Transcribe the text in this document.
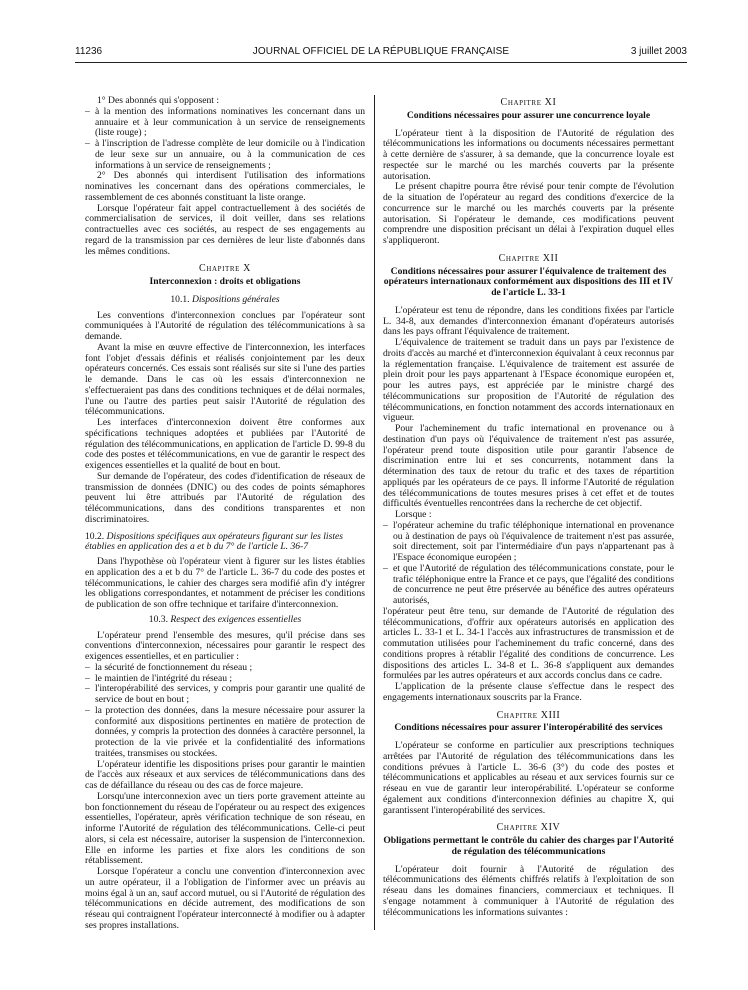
11236	JOURNAL OFFICIEL DE LA RÉPUBLIQUE FRANÇAISE	3 juillet 2003

1° Des abonnés qui s'opposent :

– à la mention des informations nominatives les concernant dans un annuaire et à leur communication à un service de renseignements (liste rouge) ;

– à l'inscription de l'adresse complète de leur domicile ou à l'indication de leur sexe sur un annuaire, ou à la communication de ces informations à un service de renseignements ;

2° Des abonnés qui interdisent l'utilisation des informations nominatives les concernant dans des opérations commerciales, le rassemblement de ces abonnés constituant la liste orange.

Lorsque l'opérateur fait appel contractuellement à des sociétés de commercialisation de services, il doit veiller, dans ses relations contractuelles avec ces sociétés, au respect de ses engagements au regard de la transmission par ces dernières de leur liste d'abonnés dans les mêmes conditions.

Chapitre X
Interconnexion : droits et obligations
10.1. Dispositions générales

Les conventions d'interconnexion conclues par l'opérateur sont communiquées à l'Autorité de régulation des télécommunications à sa demande.

Avant la mise en œuvre effective de l'interconnexion, les interfaces font l'objet d'essais définis et réalisés conjointement par les deux opérateurs concernés. Ces essais sont réalisés sur site si l'une des parties le demande. Dans le cas où les essais d'interconnexion ne s'effectueraient pas dans des conditions techniques et de délai normales, l'une ou l'autre des parties peut saisir l'Autorité de régulation des télécommunications.

Les interfaces d'interconnexion doivent être conformes aux spécifications techniques adoptées et publiées par l'Autorité de régulation des télécommunications, en application de l'article D. 99-8 du code des postes et télécommunications, en vue de garantir le respect des exigences essentielles et la qualité de bout en bout.

Sur demande de l'opérateur, des codes d'identification de réseaux de transmission de données (DNIC) ou des codes de points sémaphores peuvent lui être attribués par l'Autorité de régulation des télécommunications, dans des conditions transparentes et non discriminatoires.

10.2. Dispositions spécifiques aux opérateurs figurant sur les listes établies en application des a et b du 7° de l'article L. 36-7

Dans l'hypothèse où l'opérateur vient à figurer sur les listes établies en application des a et b du 7° de l'article L. 36-7 du code des postes et télécommunications, le cahier des charges sera modifié afin d'y intégrer les obligations correspondantes, et notamment de préciser les conditions de publication de son offre technique et tarifaire d'interconnexion.

10.3. Respect des exigences essentielles

L'opérateur prend l'ensemble des mesures, qu'il précise dans ses conventions d'interconnexion, nécessaires pour garantir le respect des exigences essentielles, et en particulier :

– la sécurité de fonctionnement du réseau ;

– le maintien de l'intégrité du réseau ;

– l'interopérabilité des services, y compris pour garantir une qualité de service de bout en bout ;

– la protection des données, dans la mesure nécessaire pour assurer la conformité aux dispositions pertinentes en matière de protection de données, y compris la protection des données à caractère personnel, la protection de la vie privée et la confidentialité des informations traitées, transmises ou stockées.

L'opérateur identifie les dispositions prises pour garantir le maintien de l'accès aux réseaux et aux services de télécommunications dans des cas de défaillance du réseau ou des cas de force majeure.

Lorsqu'une interconnexion avec un tiers porte gravement atteinte au bon fonctionnement du réseau de l'opérateur ou au respect des exigences essentielles, l'opérateur, après vérification technique de son réseau, en informe l'Autorité de régulation des télécommunications. Celle-ci peut alors, si cela est nécessaire, autoriser la suspension de l'interconnexion. Elle en informe les parties et fixe alors les conditions de son rétablissement.

Lorsque l'opérateur a conclu une convention d'interconnexion avec un autre opérateur, il a l'obligation de l'informer avec un préavis au moins égal à un an, sauf accord mutuel, ou si l'Autorité de régulation des télécommunications en décide autrement, des modifications de son réseau qui contraignent l'opérateur interconnecté à modifier ou à adapter ses propres installations.

Chapitre XI
Conditions nécessaires pour assurer une concurrence loyale

L'opérateur tient à la disposition de l'Autorité de régulation des télécommunications les informations ou documents nécessaires permettant à cette dernière de s'assurer, à sa demande, que la concurrence loyale est respectée sur le marché ou les marchés couverts par la présente autorisation.

Le présent chapitre pourra être révisé pour tenir compte de l'évolution de la situation de l'opérateur au regard des conditions d'exercice de la concurrence sur le marché ou les marchés couverts par la présente autorisation. Si l'opérateur le demande, ces modifications peuvent comprendre une disposition précisant un délai à l'expiration duquel elles s'appliqueront.

Chapitre XII
Conditions nécessaires pour assurer l'équivalence de traitement des opérateurs internationaux conformément aux dispositions des III et IV de l'article L. 33-1

L'opérateur est tenu de répondre, dans les conditions fixées par l'article L. 34-8, aux demandes d'interconnexion émanant d'opérateurs autorisés dans les pays offrant l'équivalence de traitement.

L'équivalence de traitement se traduit dans un pays par l'existence de droits d'accès au marché et d'interconnexion équivalant à ceux reconnus par la réglementation française. L'équivalence de traitement est assurée de plein droit pour les pays appartenant à l'Espace économique européen et, pour les autres pays, est appréciée par le ministre chargé des télécommunications sur proposition de l'Autorité de régulation des télécommunications, en fonction notamment des accords internationaux en vigueur.

Pour l'acheminement du trafic international en provenance ou à destination d'un pays où l'équivalence de traitement n'est pas assurée, l'opérateur prend toute disposition utile pour garantir l'absence de discrimination entre lui et ses concurrents, notamment dans la détermination des taux de retour du trafic et des taxes de répartition appliqués par les opérateurs de ce pays. Il informe l'Autorité de régulation des télécommunications de toutes mesures prises à cet effet et de toutes difficultés éventuelles rencontrées dans la recherche de cet objectif.

Lorsque :

– l'opérateur achemine du trafic téléphonique international en provenance ou à destination de pays où l'équivalence de traitement n'est pas assurée, soit directement, soit par l'intermédiaire d'un pays n'appartenant pas à l'Espace économique européen ;

– et que l'Autorité de régulation des télécommunications constate, pour le trafic téléphonique entre la France et ce pays, que l'égalité des conditions de concurrence ne peut être préservée au bénéfice des autres opérateurs autorisés,

l'opérateur peut être tenu, sur demande de l'Autorité de régulation des télécommunications, d'offrir aux opérateurs autorisés en application des articles L. 33-1 et L. 34-1 l'accès aux infrastructures de transmission et de commutation utilisées pour l'acheminement du trafic concerné, dans des conditions propres à rétablir l'égalité des conditions de concurrence. Les dispositions des articles L. 34-8 et L. 36-8 s'appliquent aux demandes formulées par les autres opérateurs et aux accords conclus dans ce cadre.

L'application de la présente clause s'effectue dans le respect des engagements internationaux souscrits par la France.

Chapitre XIII
Conditions nécessaires pour assurer l'interopérabilité des services

L'opérateur se conforme en particulier aux prescriptions techniques arrêtées par l'Autorité de régulation des télécommunications dans les conditions prévues à l'article L. 36-6 (3°) du code des postes et télécommunications et applicables au réseau et aux services fournis sur ce réseau en vue de garantir leur interopérabilité. L'opérateur se conforme également aux conditions d'interconnexion définies au chapitre X, qui garantissent l'interopérabilité des services.

Chapitre XIV
Obligations permettant le contrôle du cahier des charges par l'Autorité de régulation des télécommunications

L'opérateur doit fournir à l'Autorité de régulation des télécommunications des éléments chiffrés relatifs à l'exploitation de son réseau dans les domaines financiers, commerciaux et techniques. Il s'engage notamment à communiquer à l'Autorité de régulation des télécommunications les informations suivantes :
